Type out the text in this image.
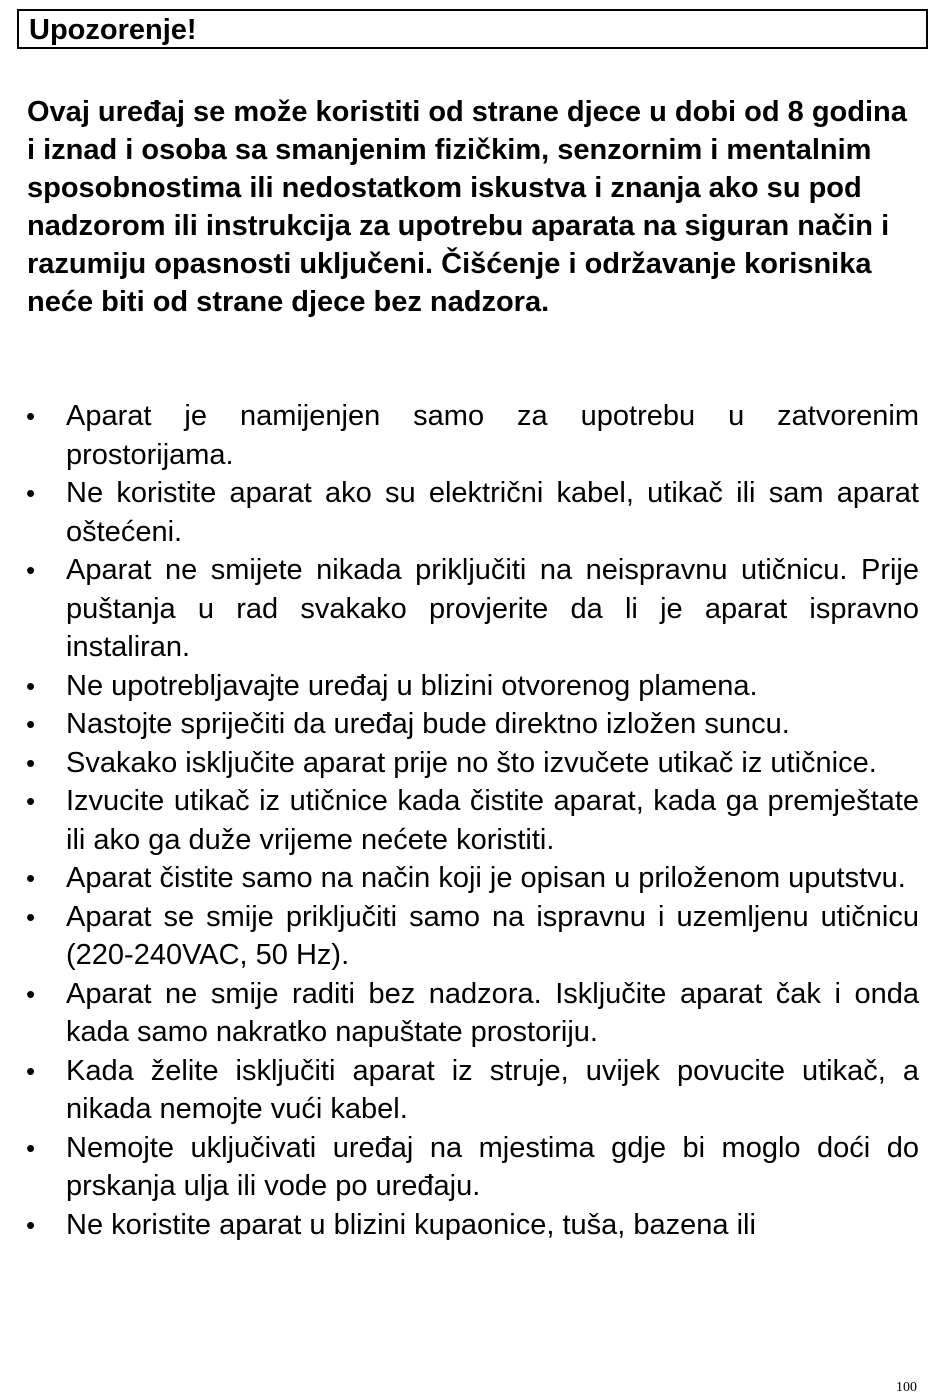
Upozorenje!

Ovaj uređaj se može koristiti od strane djece u dobi od 8 godina i iznad i osoba sa smanjenim fizičkim, senzornim i mentalnim sposobnostima ili nedostatkom iskustva i znanja ako su pod nadzorom ili instrukcija za upotrebu aparata na siguran način i razumiju opasnosti uključeni. Čišćenje i održavanje korisnika neće biti od strane djece bez nadzora.

• Aparat je namijenjen samo za upotrebu u zatvorenim prostorijama.
• Ne koristite aparat ako su električni kabel, utikač ili sam aparat oštećeni.
• Aparat ne smijete nikada priključiti na neispravnu utičnicu. Prije puštanja u rad svakako provjerite da li je aparat ispravno instaliran.
• Ne upotrebljavajte uređaj u blizini otvorenog plamena.
• Nastojte spriječiti da uređaj bude direktno izložen suncu.
• Svakako isključite aparat prije no što izvučete utikač iz utičnice.
• Izvucite utikač iz utičnice kada čistite aparat, kada ga premještate ili ako ga duže vrijeme nećete koristiti.
• Aparat čistite samo na način koji je opisan u priloženom uputstvu.
• Aparat se smije priključiti samo na ispravnu i uzemljenu utičnicu (220-240VAC, 50 Hz).
• Aparat ne smije raditi bez nadzora. Isključite aparat čak i onda kada samo nakratko napuštate prostoriju.
• Kada želite isključiti aparat iz struje, uvijek povucite utikač, a nikada nemojte vući kabel.
• Nemojte uključivati uređaj na mjestima gdje bi moglo doći do prskanja ulja ili vode po uređaju.
• Ne koristite aparat u blizini kupaonice, tuša, bazena ili
100
